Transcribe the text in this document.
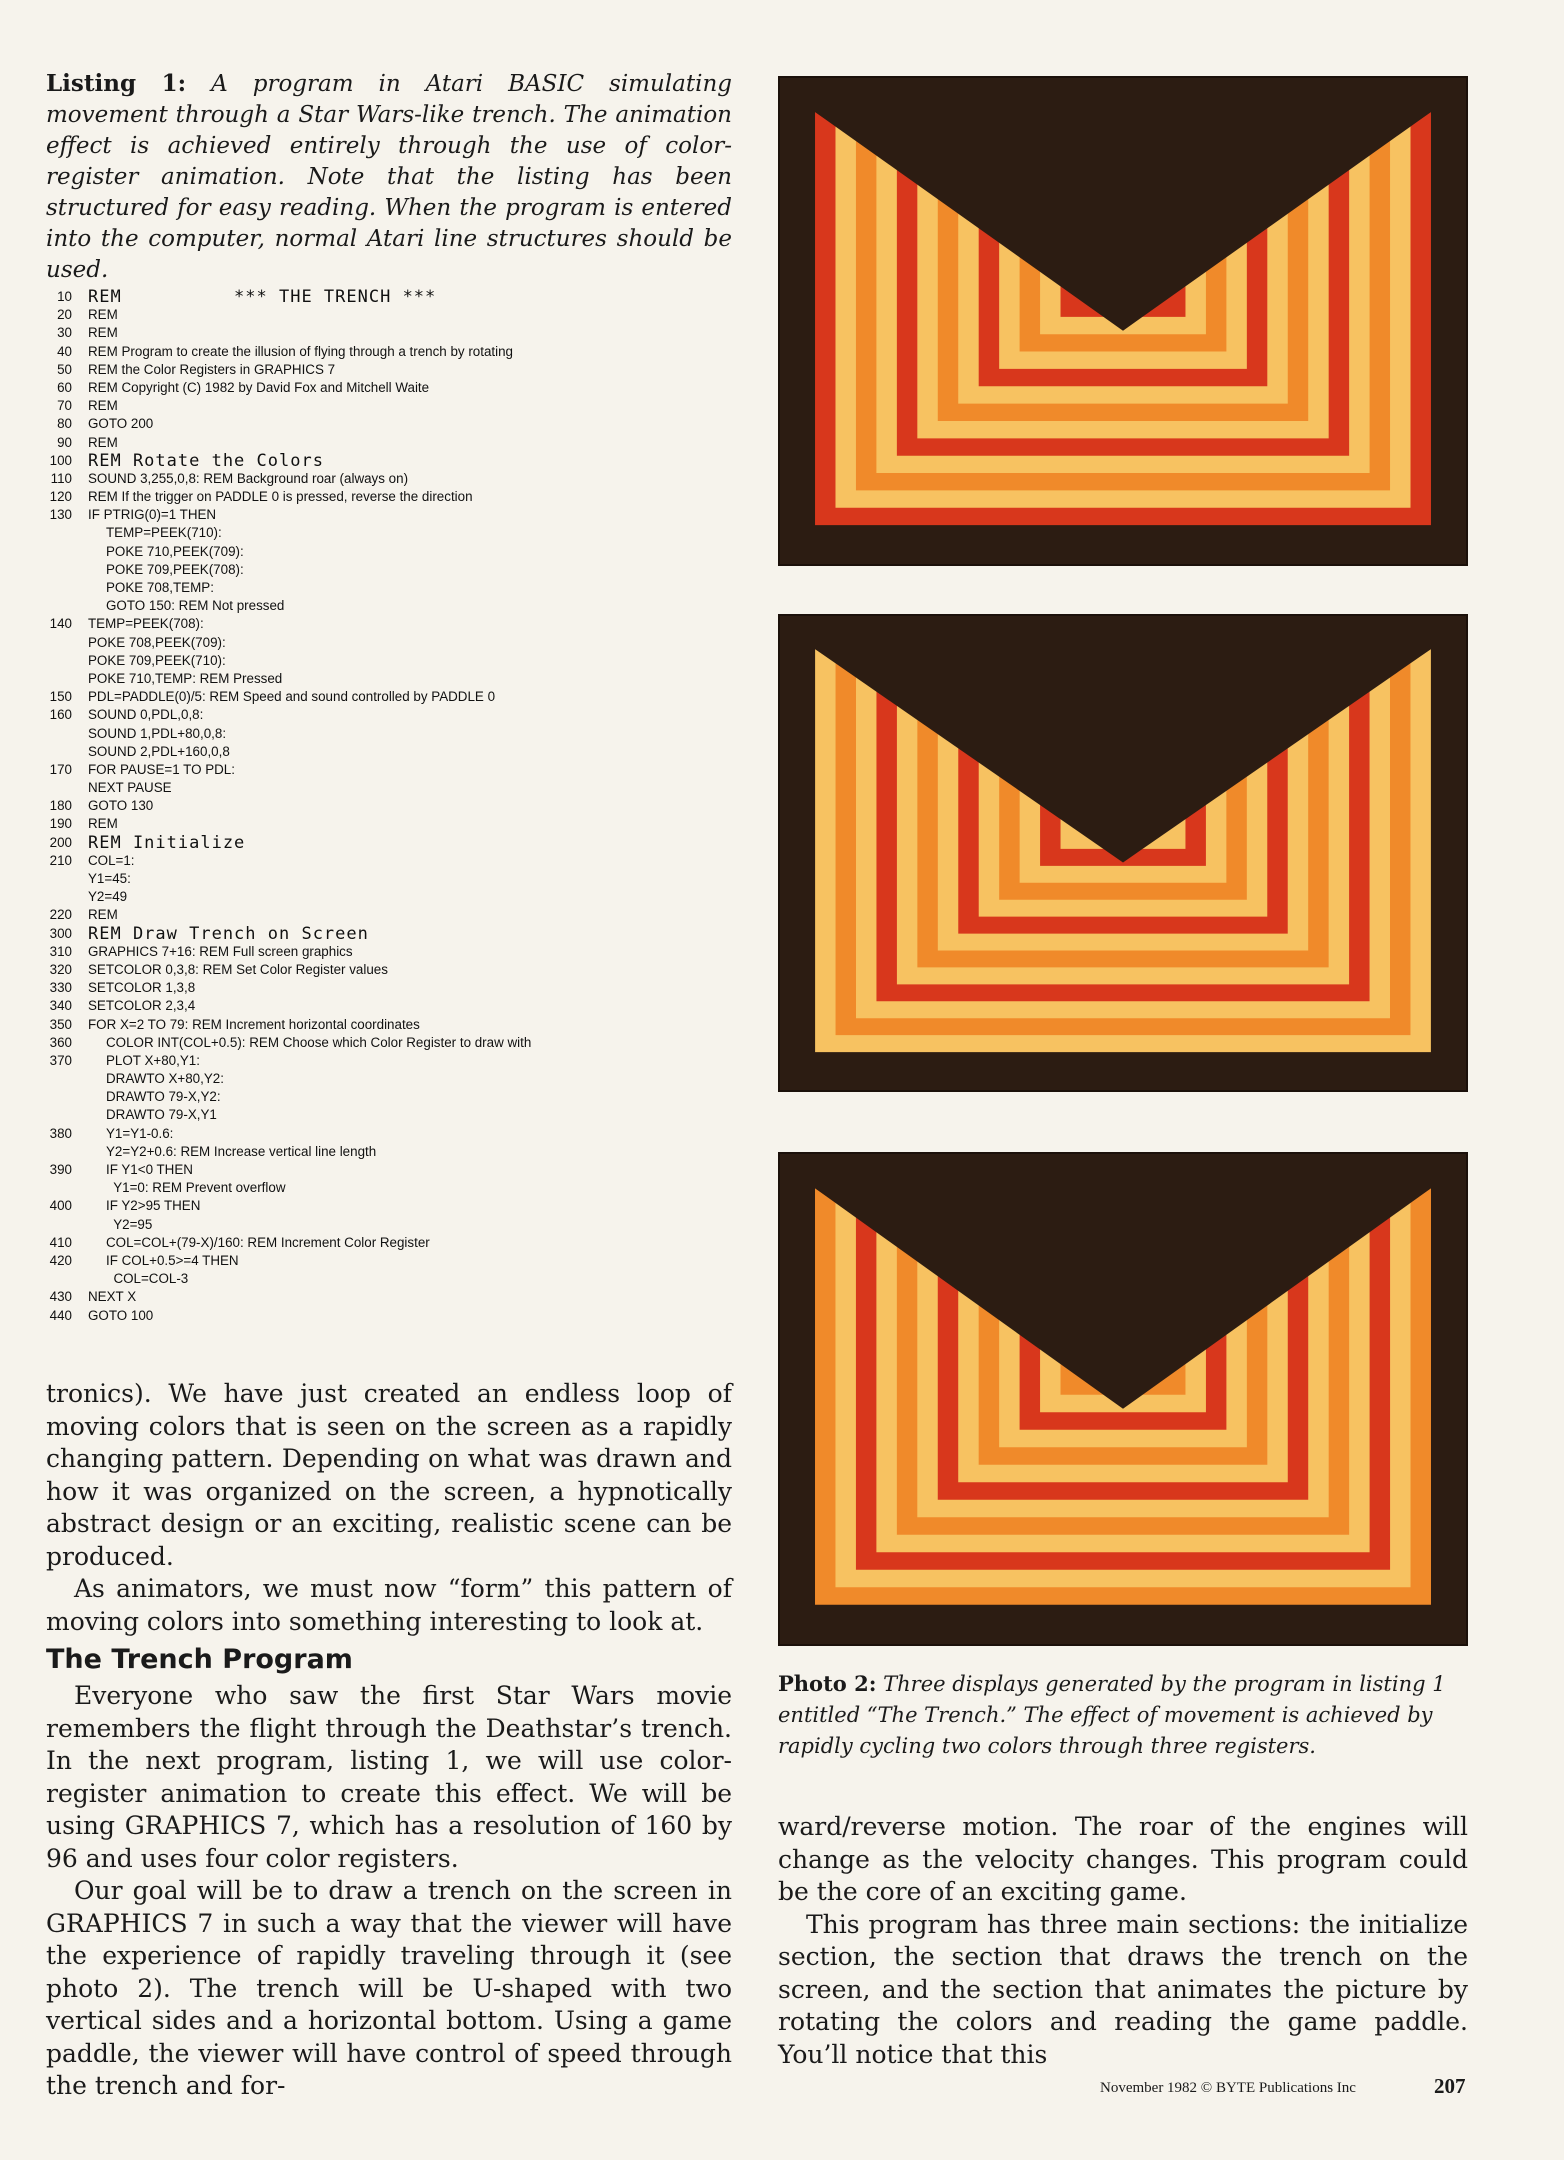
Listing 1: A program in Atari BASIC simulating movement through a Star Wars-like trench. The animation effect is achieved entirely through the use of color-register animation. Note that the listing has been structured for easy reading. When the program is entered into the computer, normal Atari line structures should be used.
10 REM          *** THE TRENCH ***
20 REM
30 REM
40 REM Program to create the illusion of flying through a trench by rotating
50 REM the Color Registers in GRAPHICS 7
60 REM Copyright (C) 1982 by David Fox and Mitchell Waite
70 REM
80 GOTO 200
90 REM
100 REM Rotate the Colors
110 SOUND 3,255,0,8: REM Background roar (always on)
120 REM If the trigger on PADDLE 0 is pressed, reverse the direction
130 IF PTRIG(0)=1 THEN
TEMP=PEEK(710):
POKE 710,PEEK(709):
POKE 709,PEEK(708):
POKE 708,TEMP:
GOTO 150: REM Not pressed
140 TEMP=PEEK(708):
POKE 708,PEEK(709):
POKE 709,PEEK(710):
POKE 710,TEMP: REM Pressed
150 PDL=PADDLE(0)/5: REM Speed and sound controlled by PADDLE 0
160 SOUND 0,PDL,0,8:
SOUND 1,PDL+80,0,8:
SOUND 2,PDL+160,0,8
170 FOR PAUSE=1 TO PDL:
NEXT PAUSE
180 GOTO 130
190 REM
200 REM Initialize
210 COL=1:
Y1=45:
Y2=49
220 REM
300 REM Draw Trench on Screen
310 GRAPHICS 7+16: REM Full screen graphics
320 SETCOLOR 0,3,8: REM Set Color Register values
330 SETCOLOR 1,3,8
340 SETCOLOR 2,3,4
350 FOR X=2 TO 79: REM Increment horizontal coordinates
360	COLOR INT(COL+0.5): REM Choose which Color Register to draw with
370	PLOT X+80,Y1:
DRAWTO X+80,Y2:
DRAWTO 79-X,Y2:
DRAWTO 79-X,Y1
380	Y1=Y1-0.6:
Y2=Y2+0.6: REM Increase vertical line length
390	IF Y1<0 THEN
Y1=0: REM Prevent overflow
400	IF Y2>95 THEN
Y2=95
410	COL=COL+(79-X)/160: REM Increment Color Register
420	IF COL+0.5>=4 THEN
COL=COL-3
430 NEXT X
440 GOTO 100

tronics). We have just created an endless loop of moving colors that is seen on the screen as a rapidly changing pattern. Depending on what was drawn and how it was organized on the screen, a hypnotically abstract design or an exciting, realistic scene can be produced.

As animators, we must now “form” this pattern of moving colors into something interesting to look at.

The Trench Program

Everyone who saw the first Star Wars movie remembers the flight through the Deathstar’s trench. In the next program, listing 1, we will use color-register animation to create this effect. We will be using GRAPHICS 7, which has a resolution of 160 by 96 and uses four color registers.

Our goal will be to draw a trench on the screen in GRAPHICS 7 in such a way that the viewer will have the experience of rapidly traveling through it (see photo 2). The trench will be U-shaped with two vertical sides and a horizontal bottom. Using a game paddle, the viewer will have control of speed through the trench and for-

Photo 2: Three displays generated by the program in listing 1 entitled “The Trench.” The effect of movement is achieved by rapidly cycling two colors through three registers.

ward/reverse motion. The roar of the engines will change as the velocity changes. This program could be the core of an exciting game.

This program has three main sections: the initialize section, the section that draws the trench on the screen, and the section that animates the picture by rotating the colors and reading the game paddle. You’ll notice that this

November 1982 © BYTE Publications Inc	207
